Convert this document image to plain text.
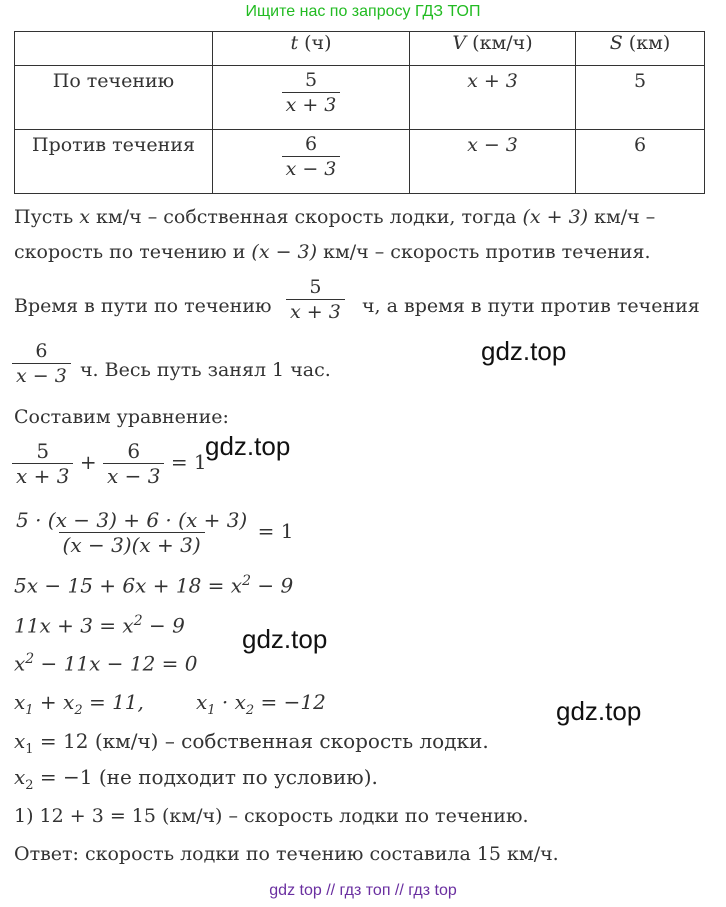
Ищите нас по запросу ГДЗ ТОП
	t (ч)	V (км/ч)	S (км)
По течению	$\frac{5}{x + 3}$	x + 3	5
Против течения	$\frac{6}{x - 3}$	x − 3	6
Пусть x км/ч – собственная скорость лодки, тогда (x + 3) км/ч –
скорость по течению и (x − 3) км/ч – скорость против течения.
Время в пути по течению $\frac{5}{x + 3} ч$, а время в пути против течения
$\frac{6}{x - 3} ч$. Весь путь занял 1 час.
Составим уравнение:
$\frac{5}{x + 3} + \frac{6}{x - 3} = 1$
$\frac{5 \cdot (x - 3) + 6 \cdot (x + 3)}{(x - 3)(x + 3)} = 1$
$5x - 15 + 6x + 18 = x^2 - 9$
$11x + 3 = x^2 - 9$
$x^2 - 11x - 12 = 0$
$x_1 + x_2 = 11$,	$x_1 \cdot x_2 = -12$
$x_1 = 12$ (км/ч) – собственная скорость лодки.
$x_2 = -1$ (не подходит по условию).
1) 12 + 3 = 15 (км/ч) – скорость лодки по течению.
Ответ: скорость лодки по течению составила 15 км/ч.
gdz.top
gdz.top
gdz.top
gdz.top
gdz top // гдз топ // гдз top
